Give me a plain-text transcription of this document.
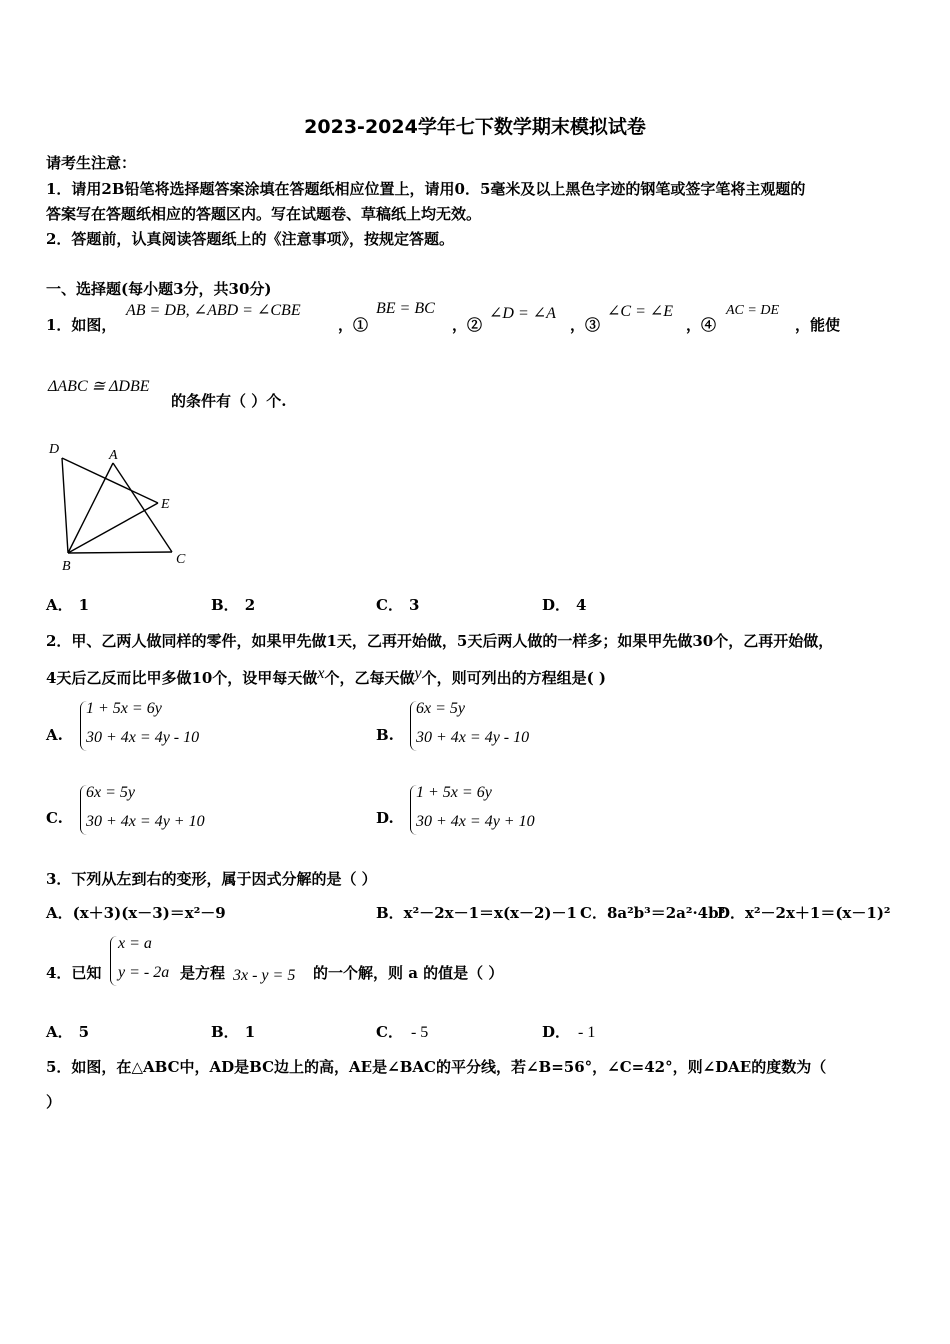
2023-2024学年七下数学期末模拟试卷
请考生注意：
1．请用2B铅笔将选择题答案涂填在答题纸相应位置上，请用0．5毫米及以上黑色字迹的钢笔或签字笔将主观题的
答案写在答题纸相应的答题区内。写在试题卷、草稿纸上均无效。
2．答题前，认真阅读答题纸上的《注意事项》，按规定答题。
一、选择题(每小题3分，共30分)
1．如图，
AB = DB, ∠ABD = ∠CBE
，①
BE = BC
，②
∠D = ∠A
，③
∠C = ∠E
，④
AC = DE
，能使
ΔABC ≅ ΔDBE
的条件有（ ）个.
D	A
E
B	C
A． 1	B． 2	C． 3	D． 4
2．甲、乙两人做同样的零件，如果甲先做1天，乙再开始做，5天后两人做的一样多；如果甲先做30个，乙再开始做，
4天后乙反而比甲多做10个，设甲每天做x个，乙每天做y个，则可列出的方程组是( )
A.
1 + 5x = 6y
30 + 4x = 4y - 10	B.
6x = 5y
30 + 4x = 4y - 10
C.
6x = 5y
30 + 4x = 4y + 10	D.
1 + 5x = 6y
30 + 4x = 4y + 10
3．下列从左到右的变形，属于因式分解的是（ ）
A．(x＋3)(x－3)＝x²－9	B．x²－2x－1＝x(x－2)－1 C．8a²b³＝2a²·4b³
D．x²－2x＋1＝(x－1)²
4．已知
x = a
y = - 2a 是方程 3x - y = 5 的一个解，则 a 的值是（ ）
A． 5	B． 1	C． - 5	D． - 1
5．如图，在△ABC中，AD是BC边上的高，AE是∠BAC的平分线，若∠B=56°，∠C=42°，则∠DAE的度数为（
）
